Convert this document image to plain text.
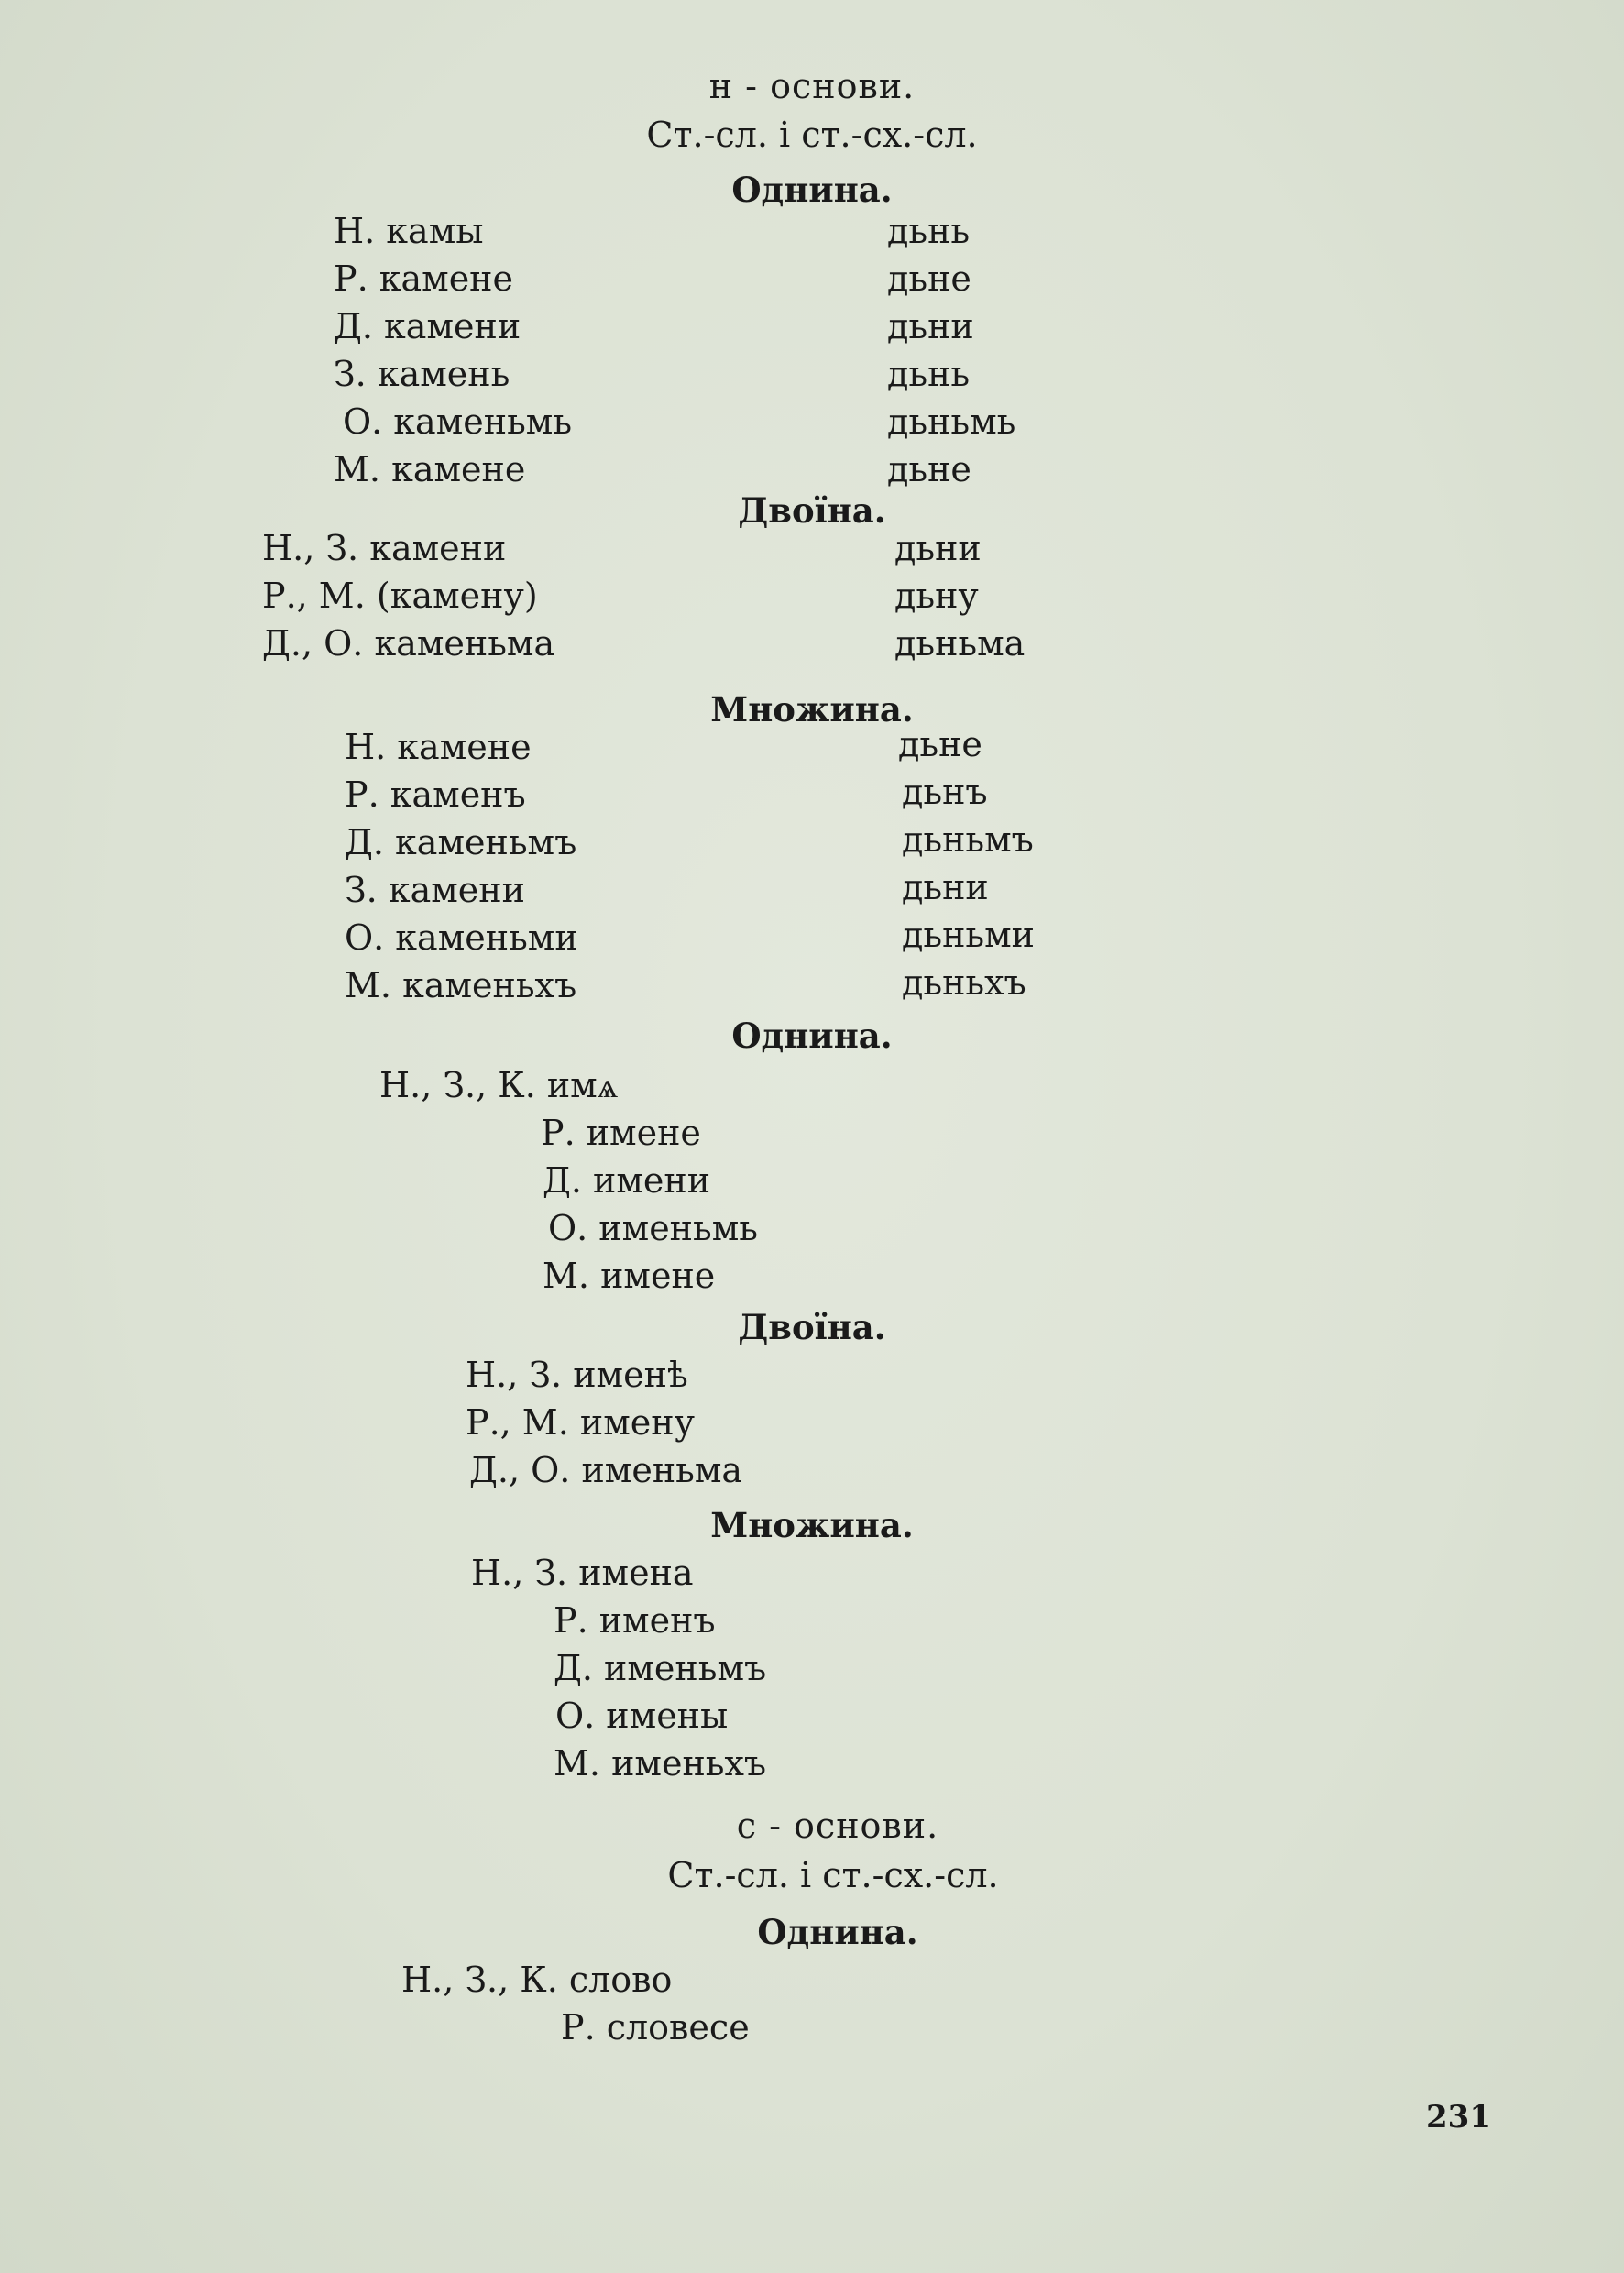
н - основи.
Ст.-сл. і ст.-сх.-сл.
Однина.
Н. камы	дьнь
Р. камене	дьне
Д. камени	дьни
З. камень	дьнь
О. каменьмь	дьньмь
М. камене	дьне
Двоїна.
Н., З. камени	дьни
Р., М. (камену)	дьну
Д., О. каменьма	дьньма
Множина.
Н. камене	дьне
Р. каменъ	дьнъ
Д. каменьмъ	дьньмъ
З. камени	дьни
О. каменьми	дьньми
М. каменьхъ	дьньхъ
Однина.
Н., З., К. имѧ
Р. имене
Д. имени
О. именьмь
М. имене
Двоїна.
Н., З. именѣ
Р., М. имену
Д., О. именьма
Множина.
Н., З. имена
Р. именъ
Д. именьмъ
О. имены
М. именьхъ
с - основи.
Ст.-сл. і ст.-сх.-сл.
Однина.
Н., З., К. слово
Р. словесе
231
